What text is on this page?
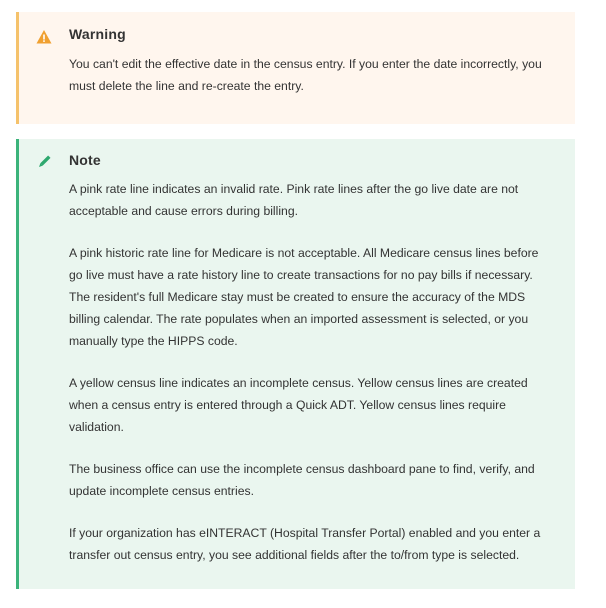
Warning

You can't edit the effective date in the census entry. If you enter the date incorrectly, you must delete the line and re-create the entry.

Note

A pink rate line indicates an invalid rate. Pink rate lines after the go live date are not acceptable and cause errors during billing.

A pink historic rate line for Medicare is not acceptable. All Medicare census lines before go live must have a rate history line to create transactions for no pay bills if necessary. The resident's full Medicare stay must be created to ensure the accuracy of the MDS billing calendar. The rate populates when an imported assessment is selected, or you manually type the HIPPS code.

A yellow census line indicates an incomplete census. Yellow census lines are created when a census entry is entered through a Quick ADT. Yellow census lines require validation.

The business office can use the incomplete census dashboard pane to find, verify, and update incomplete census entries.

If your organization has eINTERACT (Hospital Transfer Portal) enabled and you enter a transfer out census entry, you see additional fields after the to/from type is selected.
